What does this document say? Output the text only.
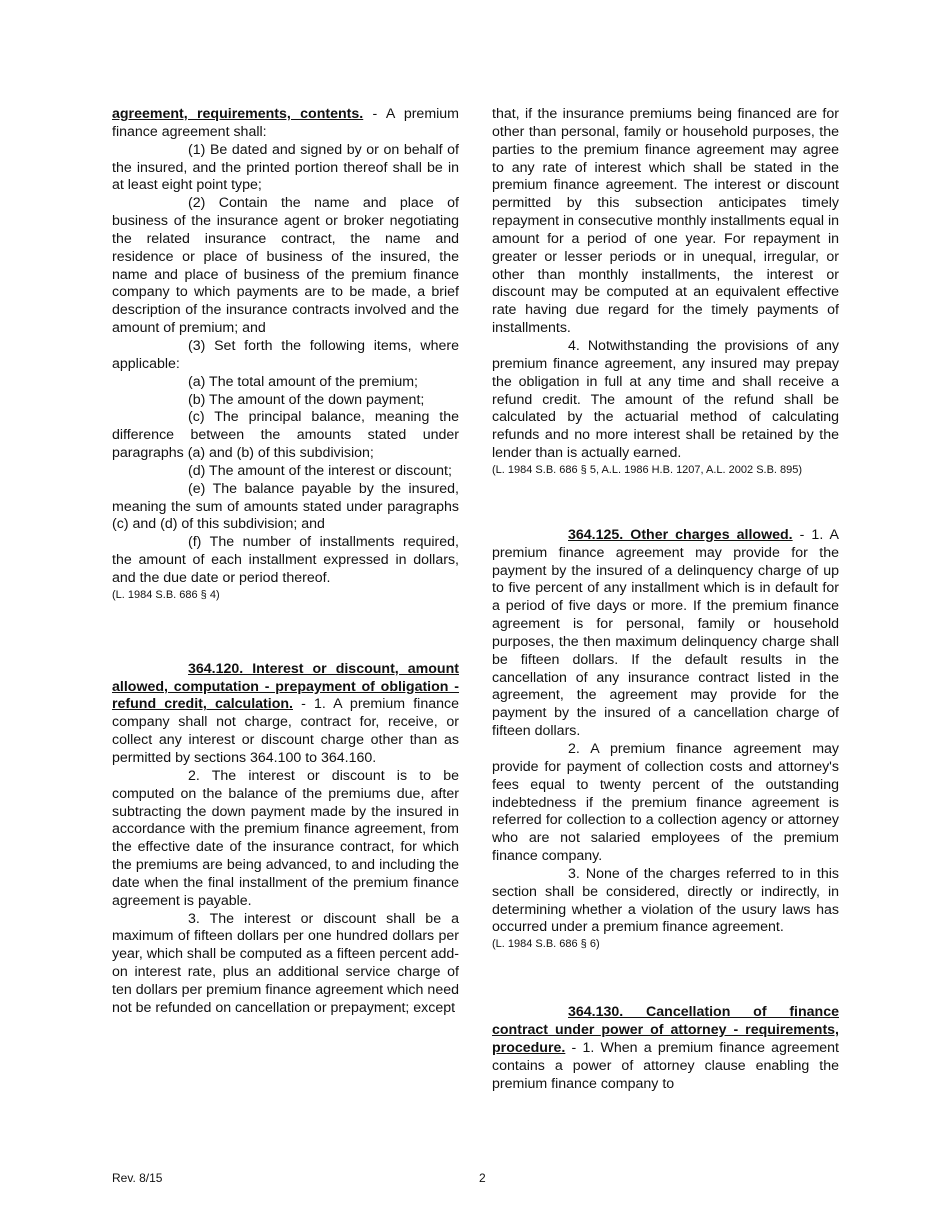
agreement, requirements, contents. - A premium finance agreement shall:

(1) Be dated and signed by or on behalf of the insured, and the printed portion thereof shall be in at least eight point type;

(2) Contain the name and place of business of the insurance agent or broker negotiating the related insurance contract, the name and residence or place of business of the insured, the name and place of business of the premium finance company to which payments are to be made, a brief description of the insurance contracts involved and the amount of premium; and

(3) Set forth the following items, where applicable:

(a) The total amount of the premium;

(b) The amount of the down payment;

(c) The principal balance, meaning the difference between the amounts stated under paragraphs (a) and (b) of this subdivision;

(d) The amount of the interest or discount;

(e) The balance payable by the insured, meaning the sum of amounts stated under paragraphs (c) and (d) of this subdivision; and

(f) The number of installments required, the amount of each installment expressed in dollars, and the due date or period thereof.

(L. 1984 S.B. 686 § 4)

364.120. Interest or discount, amount allowed, computation - prepayment of obligation - refund credit, calculation. - 1. A premium finance company shall not charge, contract for, receive, or collect any interest or discount charge other than as permitted by sections 364.100 to 364.160.

2. The interest or discount is to be computed on the balance of the premiums due, after subtracting the down payment made by the insured in accordance with the premium finance agreement, from the effective date of the insurance contract, for which the premiums are being advanced, to and including the date when the final installment of the premium finance agreement is payable.

3. The interest or discount shall be a maximum of fifteen dollars per one hundred dollars per year, which shall be computed as a fifteen percent add-on interest rate, plus an additional service charge of ten dollars per premium finance agreement which need not be refunded on cancellation or prepayment; except

that, if the insurance premiums being financed are for other than personal, family or household purposes, the parties to the premium finance agreement may agree to any rate of interest which shall be stated in the premium finance agreement. The interest or discount permitted by this subsection anticipates timely repayment in consecutive monthly installments equal in amount for a period of one year. For repayment in greater or lesser periods or in unequal, irregular, or other than monthly installments, the interest or discount may be computed at an equivalent effective rate having due regard for the timely payments of installments.

4. Notwithstanding the provisions of any premium finance agreement, any insured may prepay the obligation in full at any time and shall receive a refund credit. The amount of the refund shall be calculated by the actuarial method of calculating refunds and no more interest shall be retained by the lender than is actually earned.

(L. 1984 S.B. 686 § 5, A.L. 1986 H.B. 1207, A.L. 2002 S.B. 895)

364.125. Other charges allowed. - 1. A premium finance agreement may provide for the payment by the insured of a delinquency charge of up to five percent of any installment which is in default for a period of five days or more. If the premium finance agreement is for personal, family or household purposes, the then maximum delinquency charge shall be fifteen dollars. If the default results in the cancellation of any insurance contract listed in the agreement, the agreement may provide for the payment by the insured of a cancellation charge of fifteen dollars.

2. A premium finance agreement may provide for payment of collection costs and attorney's fees equal to twenty percent of the outstanding indebtedness if the premium finance agreement is referred for collection to a collection agency or attorney who are not salaried employees of the premium finance company.

3. None of the charges referred to in this section shall be considered, directly or indirectly, in determining whether a violation of the usury laws has occurred under a premium finance agreement.

(L. 1984 S.B. 686 § 6)

364.130. Cancellation of finance contract under power of attorney - requirements, procedure. - 1. When a premium finance agreement contains a power of attorney clause enabling the premium finance company to

Rev. 8/15	2
